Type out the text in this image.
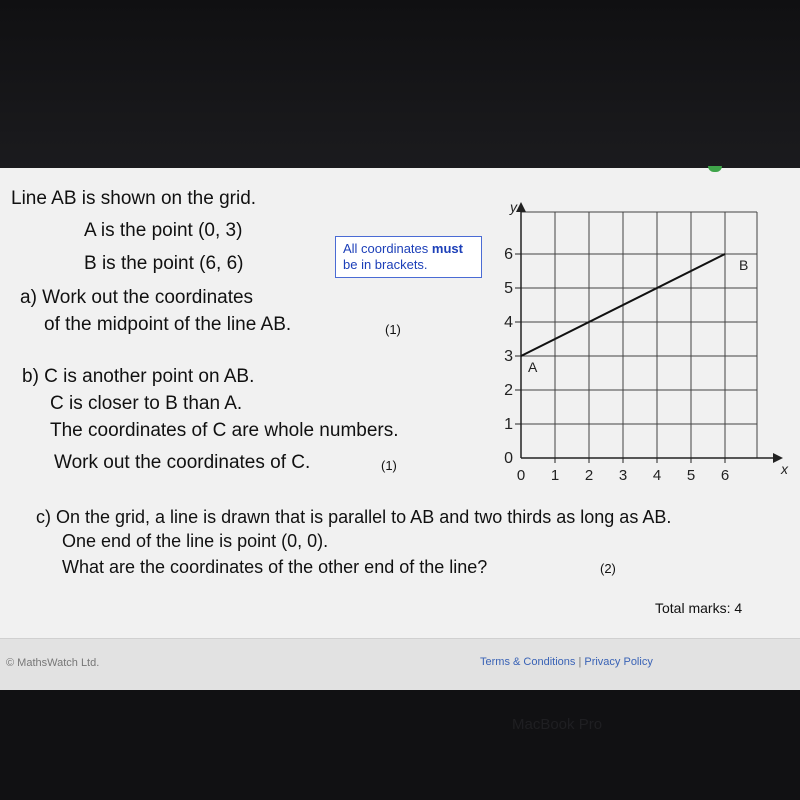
Line AB is shown on the grid.
A is the point (0, 3)
B is the point (6, 6)
All coordinates must
be in brackets.
a) Work out the coordinates
of the midpoint of the line AB.	(1)
b) C is another point on AB.
C is closer to B than A.
The coordinates of C are whole numbers.
Work out the coordinates of C.	(1)
c) On the grid, a line is drawn that is parallel to AB and two thirds as long as AB.
One end of the line is point (0, 0).
What are the coordinates of the other end of the line?	(2)
Total marks: 4
0 1 2 3 4 5 6
0
1
2
3
4
5
6
x
y
A
B
© MathsWatch Ltd.	Terms & Conditions | Privacy Policy
MacBook Pro
